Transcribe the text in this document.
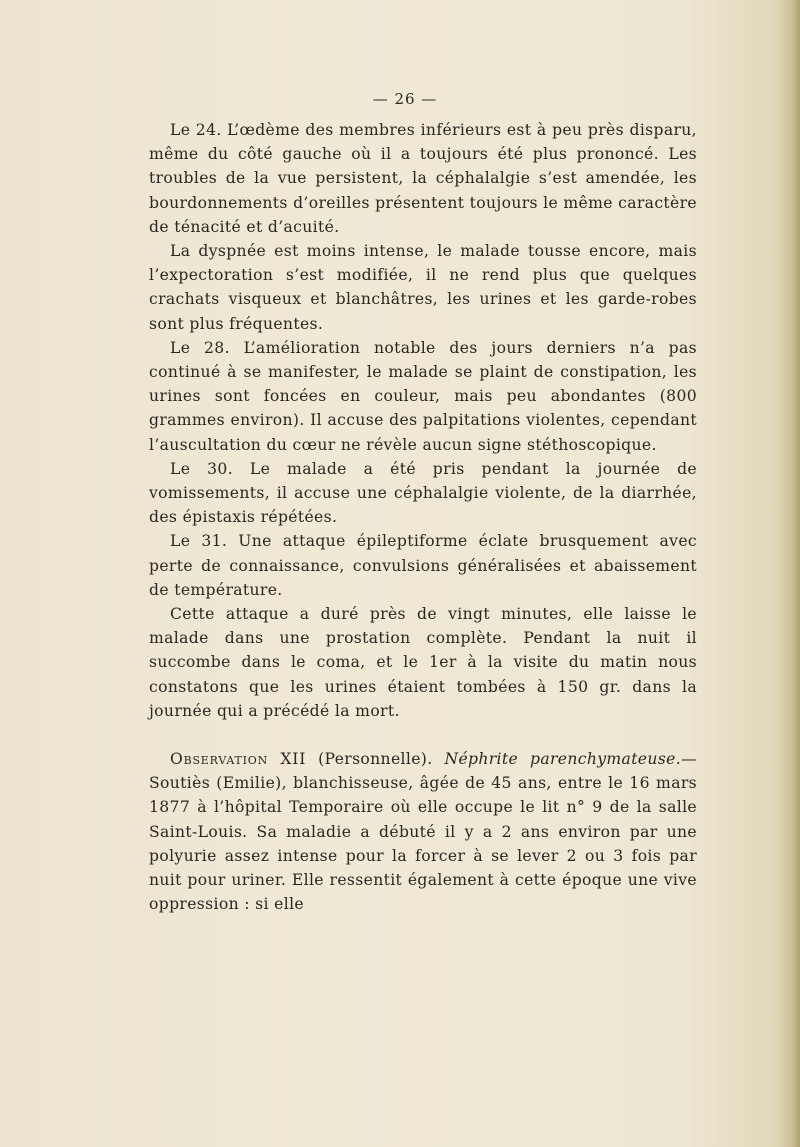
— 26 —

Le 24. L’œdème des membres inférieurs est à peu près disparu, même du côté gauche où il a toujours été plus prononcé. Les troubles de la vue persistent, la céphalalgie s’est amendée, les bourdonnements d’oreilles présentent toujours le même caractère de ténacité et d’acuité.

La dyspnée est moins intense, le malade tousse encore, mais l’expectoration s’est modifiée, il ne rend plus que quelques crachats visqueux et blanchâtres, les urines et les garde-robes sont plus fréquentes.

Le 28. L’amélioration notable des jours derniers n’a pas continué à se manifester, le malade se plaint de constipation, les urines sont foncées en couleur, mais peu abondantes (800 grammes environ). Il accuse des palpitations violentes, cependant l’auscultation du cœur ne révèle aucun signe stéthoscopique.

Le 30. Le malade a été pris pendant la journée de vomissements, il accuse une céphalalgie violente, de la diarrhée, des épistaxis répétées.

Le 31. Une attaque épileptiforme éclate brusquement avec perte de connaissance, convulsions généralisées et abaissement de température.

Cette attaque a duré près de vingt minutes, elle laisse le malade dans une prostation complète. Pendant la nuit il succombe dans le coma, et le 1er à la visite du matin nous constatons que les urines étaient tombées à 150 gr. dans la journée qui a précédé la mort.

Observation XII (Personnelle). Néphrite parenchymateuse.— Soutiès (Emilie), blanchisseuse, âgée de 45 ans, entre le 16 mars 1877 à l’hôpital Temporaire où elle occupe le lit n° 9 de la salle Saint-Louis. Sa maladie a débuté il y a 2 ans environ par une polyurie assez intense pour la forcer à se lever 2 ou 3 fois par nuit pour uriner. Elle ressentit également à cette époque une vive oppression : si elle
